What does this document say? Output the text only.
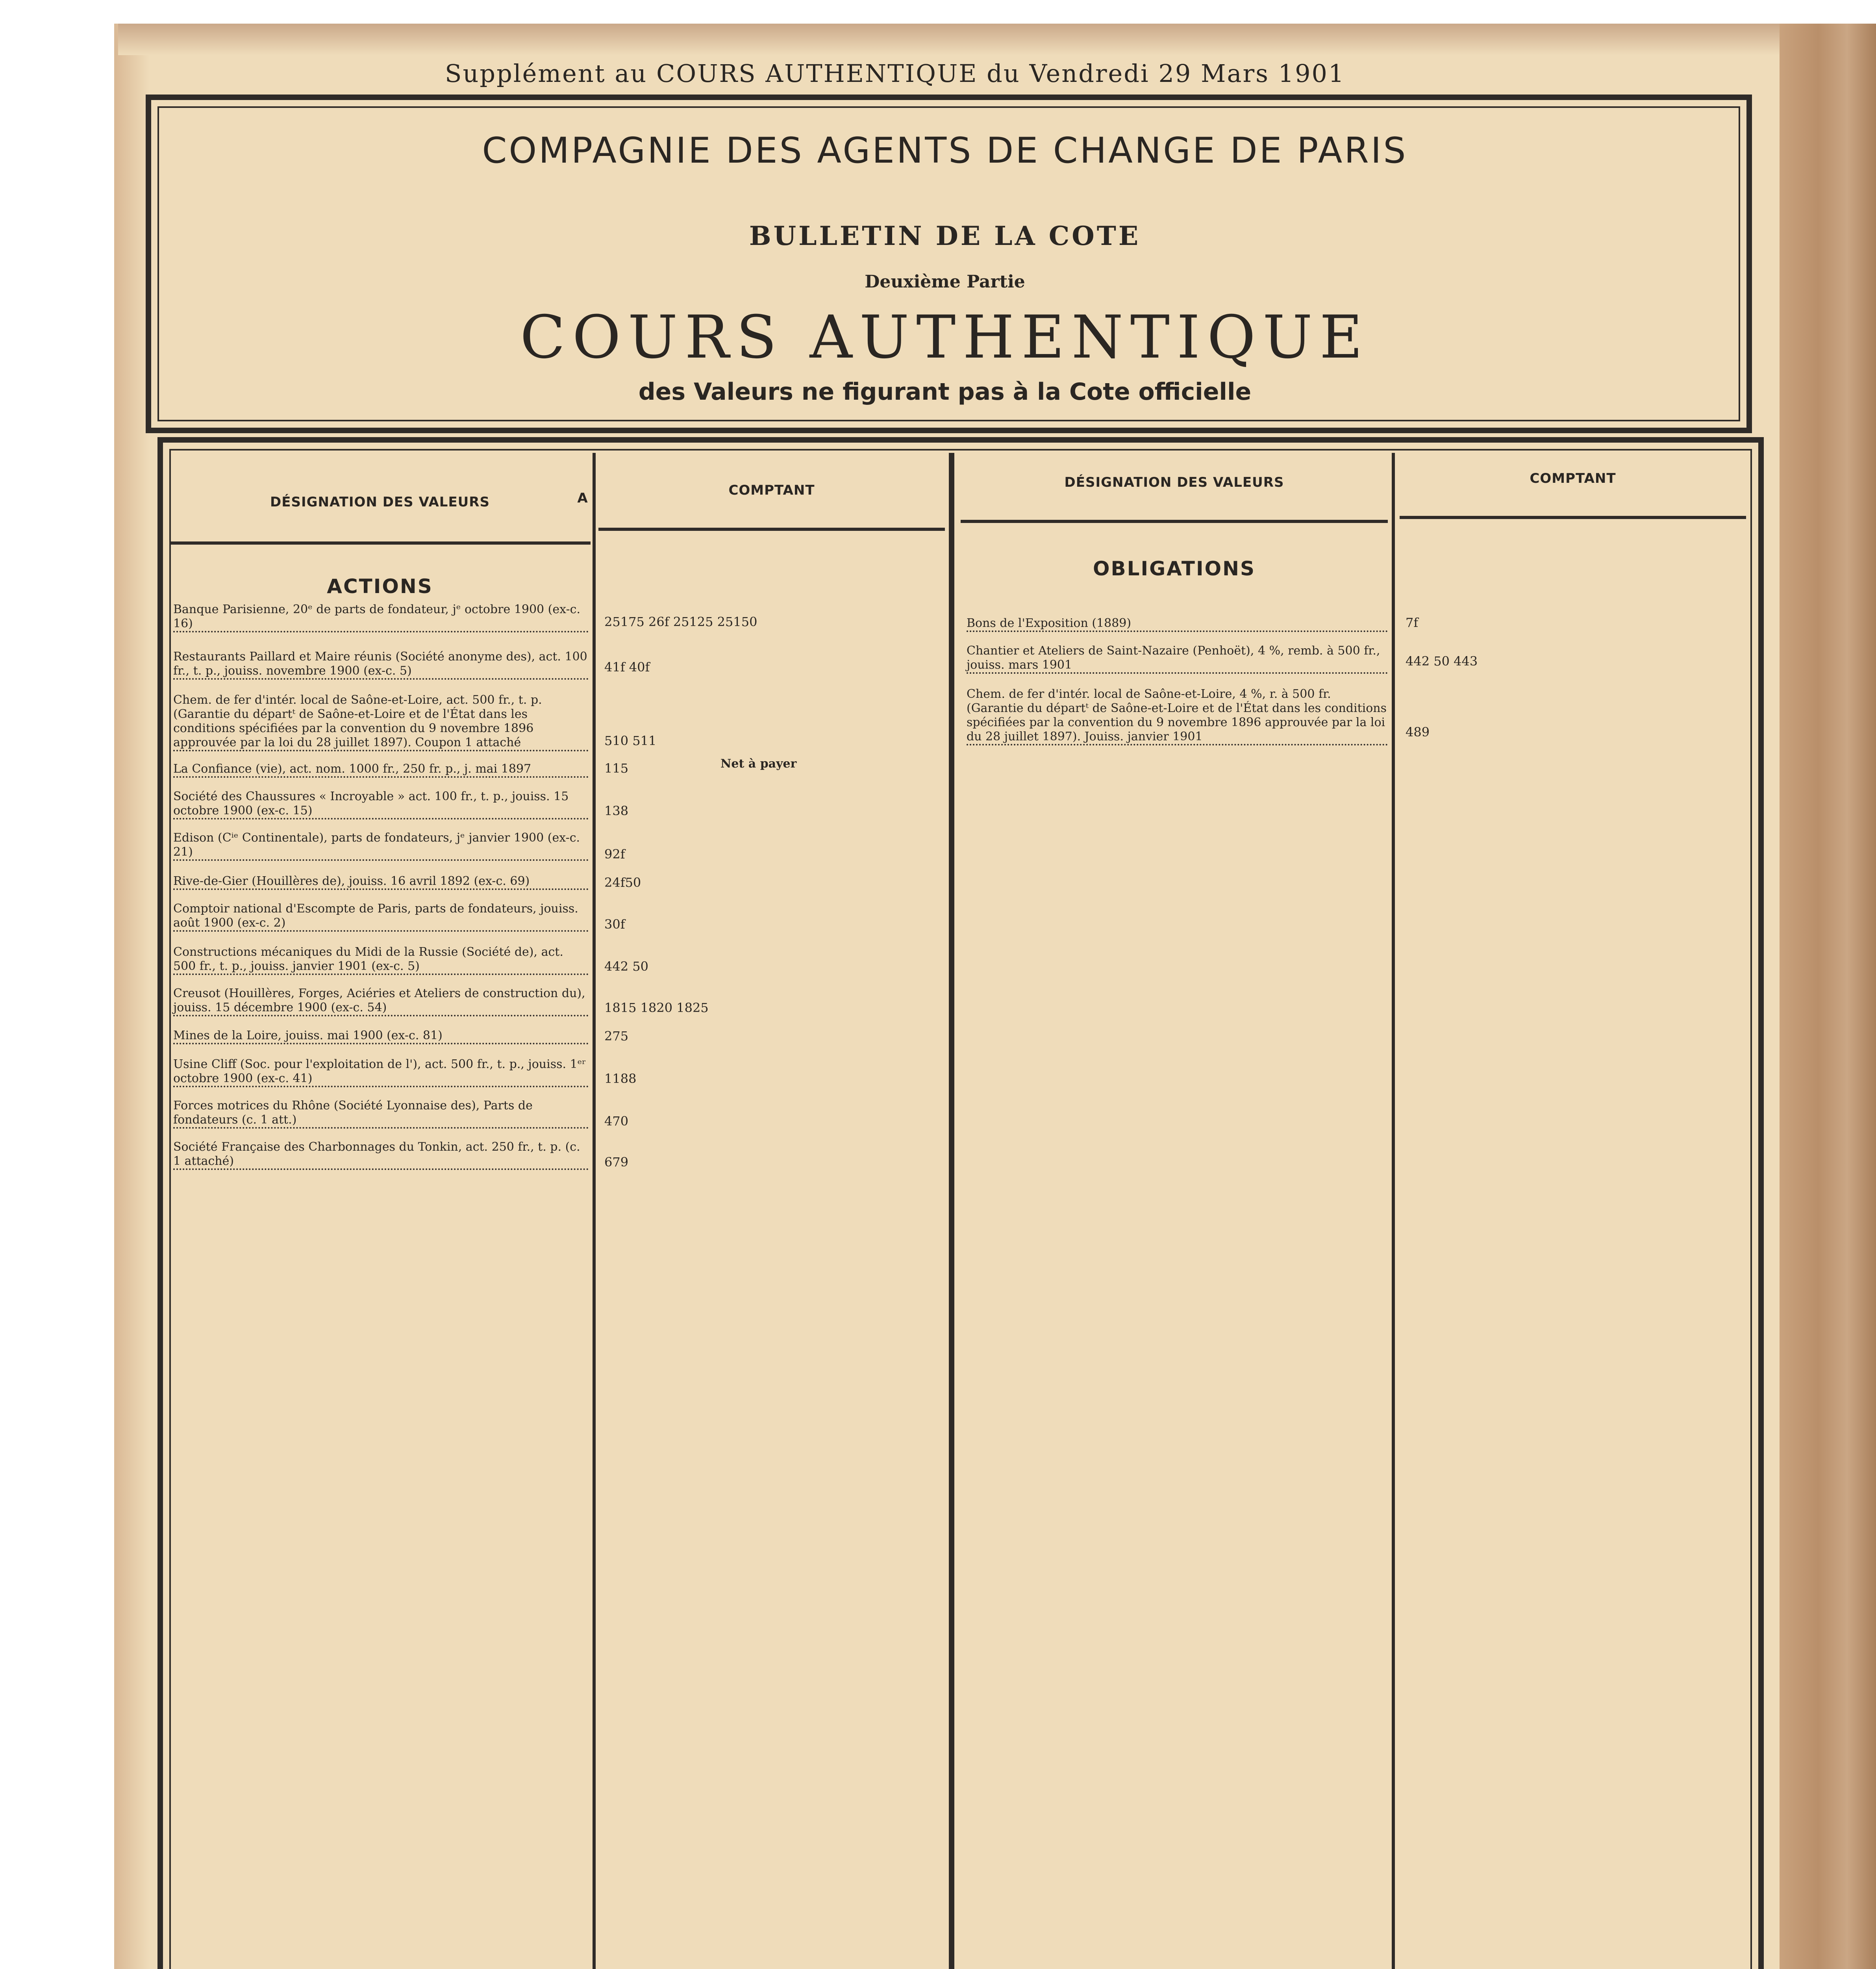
Supplément au COURS AUTHENTIQUE du Vendredi 29 Mars 1901
COMPAGNIE DES AGENTS DE CHANGE DE PARIS
BULLETIN DE LA COTE
Deuxième Partie
COURS AUTHENTIQUE
des Valeurs ne figurant pas à la Cote officielle
DÉSIGNATION DES VALEURS	A	COMPTANT	DÉSIGNATION DES VALEURS	COMPTANT
ACTIONS
OBLIGATIONS
Banque Parisienne, 20ᵉ de parts de fondateur, jᵉ octobre 1900 (ex-c. 16)	25175 26f 25125 25150
Restaurants Paillard et Maire réunis (Société anonyme des), act. 100 fr., t. p., jouiss. novembre 1900 (ex-c. 5)	41f 40f
Chem. de fer d'intér. local de Saône-et-Loire, act. 500 fr., t. p. (Garantie du départᵗ de Saône-et-Loire et de l'État dans les conditions spécifiées par la convention du 9 novembre 1896 approuvée par la loi du 28 juillet 1897). Coupon 1 attaché	510 511
La Confiance (vie), act. nom. 1000 fr., 250 fr. p., j. mai 1897	115	Net à payer
Société des Chaussures « Incroyable » act. 100 fr., t. p., jouiss. 15 octobre 1900 (ex-c. 15)	138
Edison (Cⁱᵉ Continentale), parts de fondateurs, jᵉ janvier 1900 (ex-c. 21)	92f
Rive-de-Gier (Houillères de), jouiss. 16 avril 1892 (ex-c. 69)	24f50
Comptoir national d'Escompte de Paris, parts de fondateurs, jouiss. août 1900 (ex-c. 2)	30f
Constructions mécaniques du Midi de la Russie (Société de), act. 500 fr., t. p., jouiss. janvier 1901 (ex-c. 5)	442 50
Creusot (Houillères, Forges, Aciéries et Ateliers de construction du), jouiss. 15 décembre 1900 (ex-c. 54)	1815 1820 1825
Mines de la Loire, jouiss. mai 1900 (ex-c. 81)	275
Usine Cliff (Soc. pour l'exploitation de l'), act. 500 fr., t. p., jouiss. 1ᵉʳ octobre 1900 (ex-c. 41)	1188
Forces motrices du Rhône (Société Lyonnaise des), Parts de fondateurs (c. 1 att.)	470
Société Française des Charbonnages du Tonkin, act. 250 fr., t. p. (c. 1 attaché)	679
Bons de l'Exposition (1889)	7f
Chantier et Ateliers de Saint-Nazaire (Penhoët), 4 %, remb. à 500 fr., jouiss. mars 1901	442 50 443
Chem. de fer d'intér. local de Saône-et-Loire, 4 %, r. à 500 fr. (Garantie du départᵗ de Saône-et-Loire et de l'État dans les conditions spécifiées par la convention du 9 novembre 1896 approuvée par la loi du 28 juillet 1897). Jouiss. janvier 1901	489
